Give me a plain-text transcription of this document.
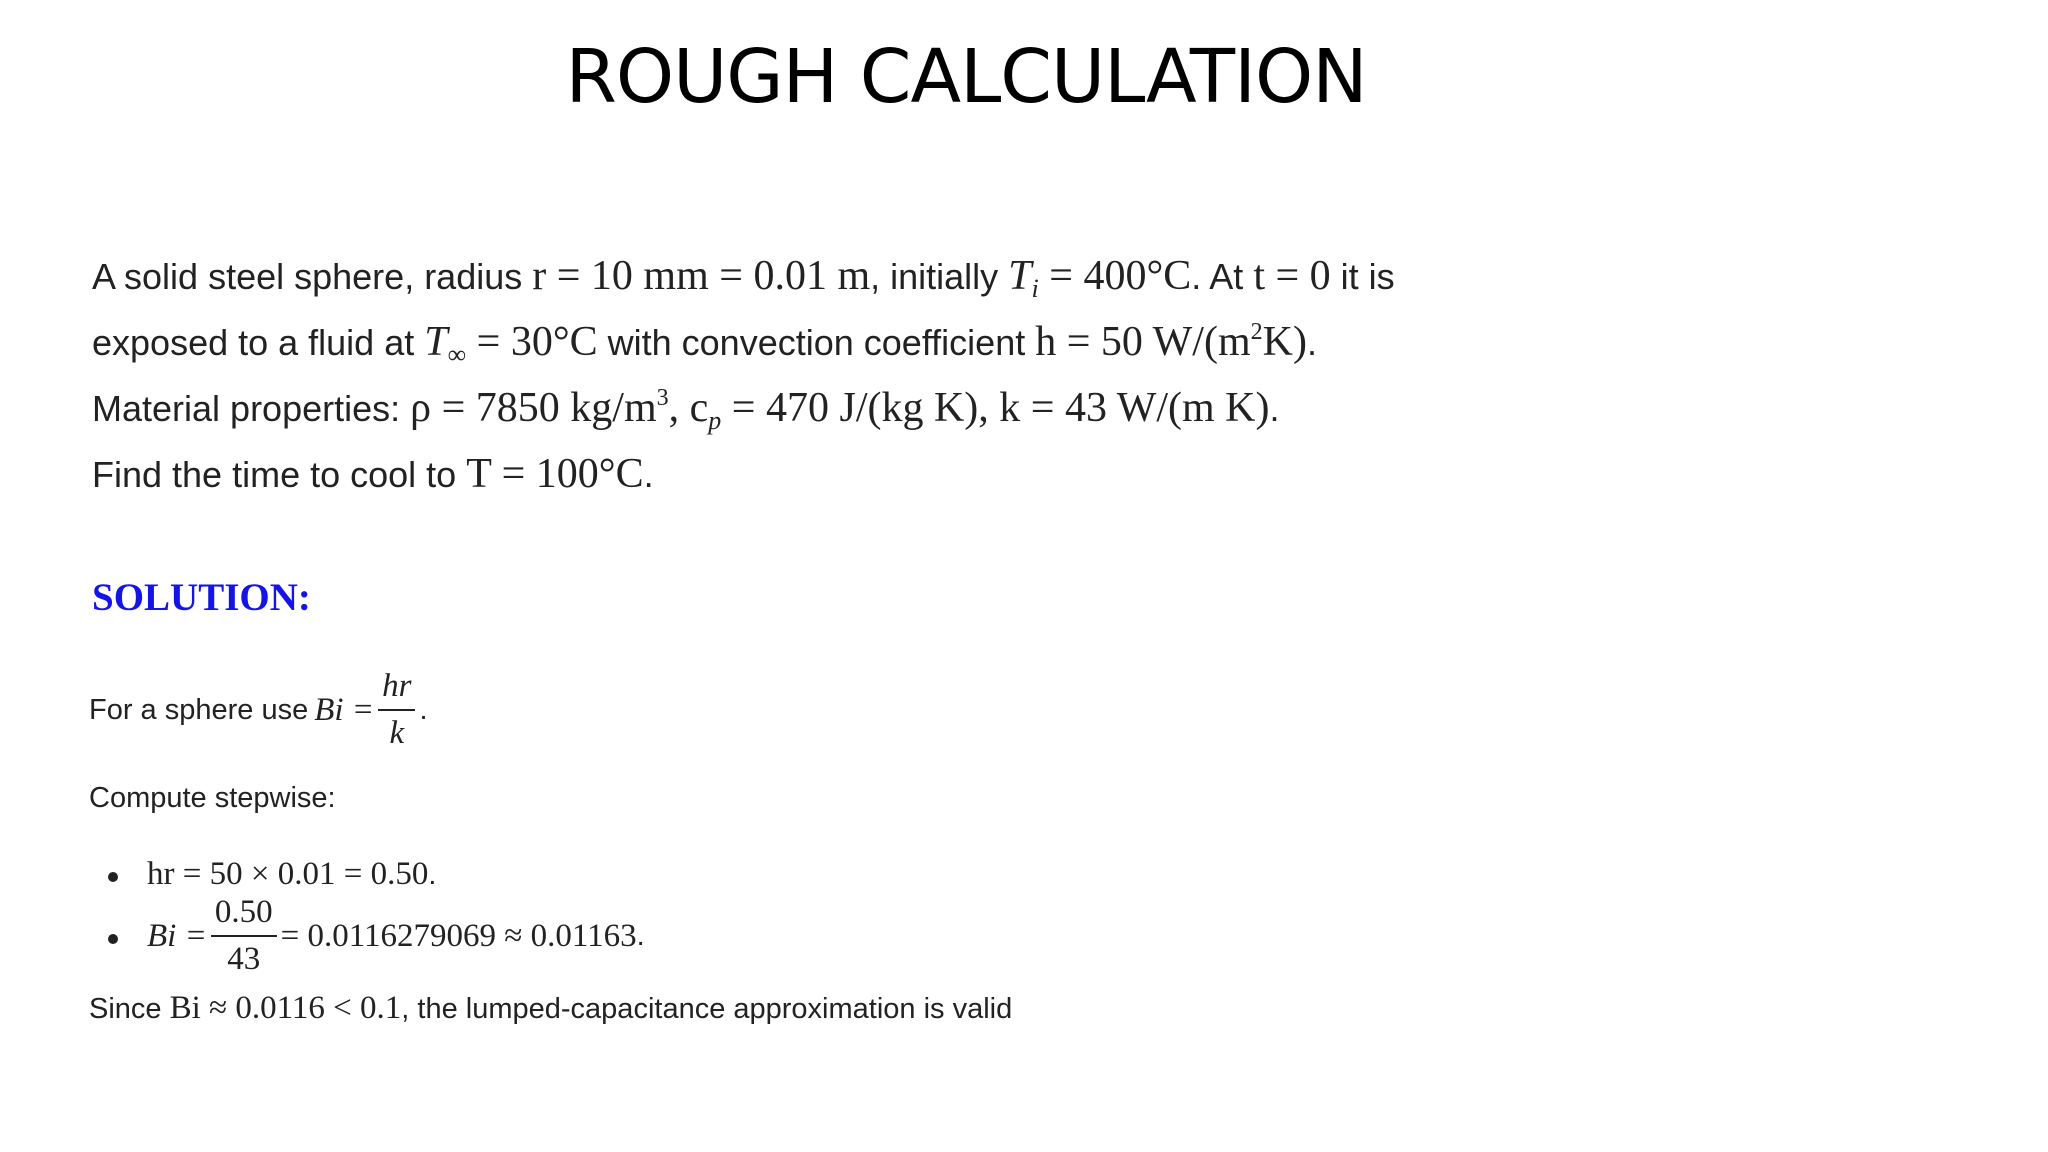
ROUGH CALCULATION
A solid steel sphere, radius r = 10 mm = 0.01 m, initially $T_i = 400^\circ C$. At t = 0 it is
exposed to a fluid at $T_\infty = 30^\circ C$ with convection coefficient h = 50 $W/(m^2K)$.
Material properties: ρ = 7850 $kg/m^3$, $c_p = 470$ J/(kg K), k = 43 W/(m K).
Find the time to cool to T = 100°C.
SOLUTION:
For a sphere use $Bi = \frac{hr}{k}$ .
Compute stepwise:
hr = 50 × 0.01 = 0.50.
$Bi = \frac{0.50}{43} = 0.0116279069 \approx 0.01163$ .
Since Bi ≈ 0.0116 < 0.1, the lumped-capacitance approximation is valid
